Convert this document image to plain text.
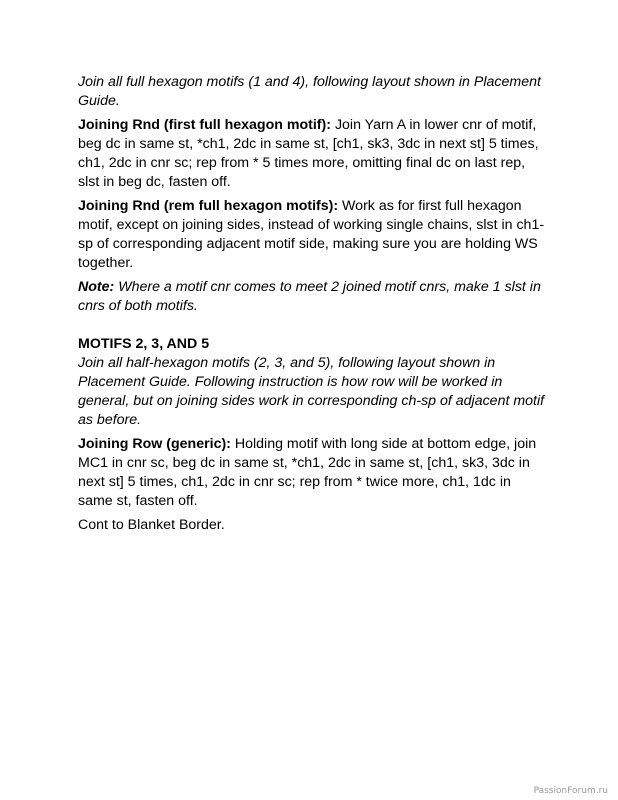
Join all full hexagon motifs (1 and 4), following layout shown in Placement Guide.

Joining Rnd (first full hexagon motif): Join Yarn A in lower cnr of motif, beg dc in same st, *ch1, 2dc in same st, [ch1, sk3, 3dc in next st] 5 times, ch1, 2dc in cnr sc; rep from * 5 times more, omitting final dc on last rep, slst in beg dc, fasten off.

Joining Rnd (rem full hexagon motifs): Work as for first full hexagon motif, except on joining sides, instead of working single chains, slst in ch1-sp of corresponding adjacent motif side, making sure you are holding WS together.

Note: Where a motif cnr comes to meet 2 joined motif cnrs, make 1 slst in cnrs of both motifs.

MOTIFS 2, 3, AND 5

Join all half-hexagon motifs (2, 3, and 5), following layout shown in Placement Guide. Following instruction is how row will be worked in general, but on joining sides work in corresponding ch-sp of adjacent motif as before.

Joining Row (generic): Holding motif with long side at bottom edge, join MC1 in cnr sc, beg dc in same st, *ch1, 2dc in same st, [ch1, sk3, 3dc in next st] 5 times, ch1, 2dc in cnr sc; rep from * twice more, ch1, 1dc in same st, fasten off.

Cont to Blanket Border.

PassionForum.ru
